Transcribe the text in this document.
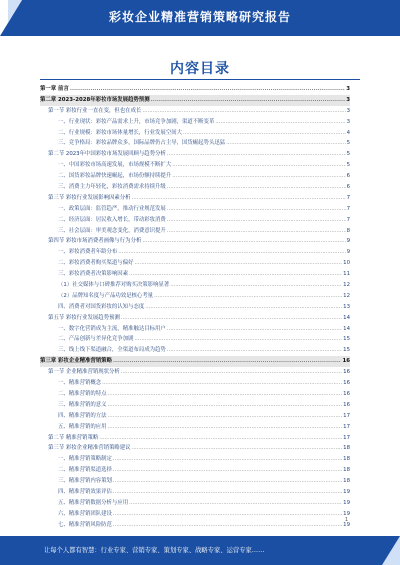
彩妆企业精准营销策略研究报告
内容目录
第一章 前言 .....	3
第二章 2023-2028年彩妆市场发展趋势预测 .....	3
第一节 彩妆行业一直在变，但也在成长 .....	3
一、行业现状：彩妆产品需求上升，市场竞争加剧，渠道不断变革 .....	3
二、行业规模：彩妆市场体量增长，行业发展空间大 .....	4
三、竞争格局：彩妆品牌众多，国际品牌仍占主导，国货崛起势头迅猛 .....	5
第二节 2023年中国彩妆市场发展回顾与趋势分析 .....	5
一、中国彩妆市场高速发展，市场规模不断扩大 .....	5
二、国货彩妆品牌快速崛起，市场份额持续提升 .....	6
三、消费主力年轻化，彩妆消费需求持续升级 .....	6
第三节 彩妆行业发展影响因素分析 .....	7
一、政策层面：监管趋严，推动行业规范发展 .....	7
二、经济层面：居民收入增长，带动彩妆消费 .....	7
三、社会层面：审美观念变化，消费意识提升 .....	8
第四节 彩妆市场消费者画像与行为分析 .....	9
一、彩妆消费者年龄分布 .....	9
二、彩妆消费者购买渠道与偏好 .....	10
三、彩妆消费者决策影响因素 .....	11
（1）社交媒体与口碑推荐对购买决策影响显著 .....	12
（2）品牌知名度与产品功效是核心考量 .....	12
四、消费者对国货彩妆的认知与态度 .....	13
第五节 彩妆行业发展趋势预测 .....	14
一、数字化营销成为主流，精准触达目标用户 .....	14
二、产品创新与差异化竞争加剧 .....	15
三、线上线下渠道融合，全渠道布局成为趋势 .....	15
第三章 彩妆企业精准营销策略 .....	16
第一节 企业精准营销现状分析 .....	16
一、精准营销概念 .....	16
二、精准营销的特点 .....	16
三、精准营销的意义 .....	16
四、精准营销的方法 .....	17
五、精准营销的应用 .....	17
第二节 精准营销策略 .....	17
第三节 彩妆企业精准营销策略建议 .....	18
一、精准营销策略制定 .....	18
二、精准营销渠道选择 .....	18
三、精准营销内容策划 .....	18
四、精准营销效果评估 .....	19
五、精准营销数据分析与应用 .....	19
六、精准营销团队建设 .....	19
七、精准营销风险防范 .....	19
1
让每个人都有智慧：行业专家、营销专家、策划专家、战略专家、运营专家……
